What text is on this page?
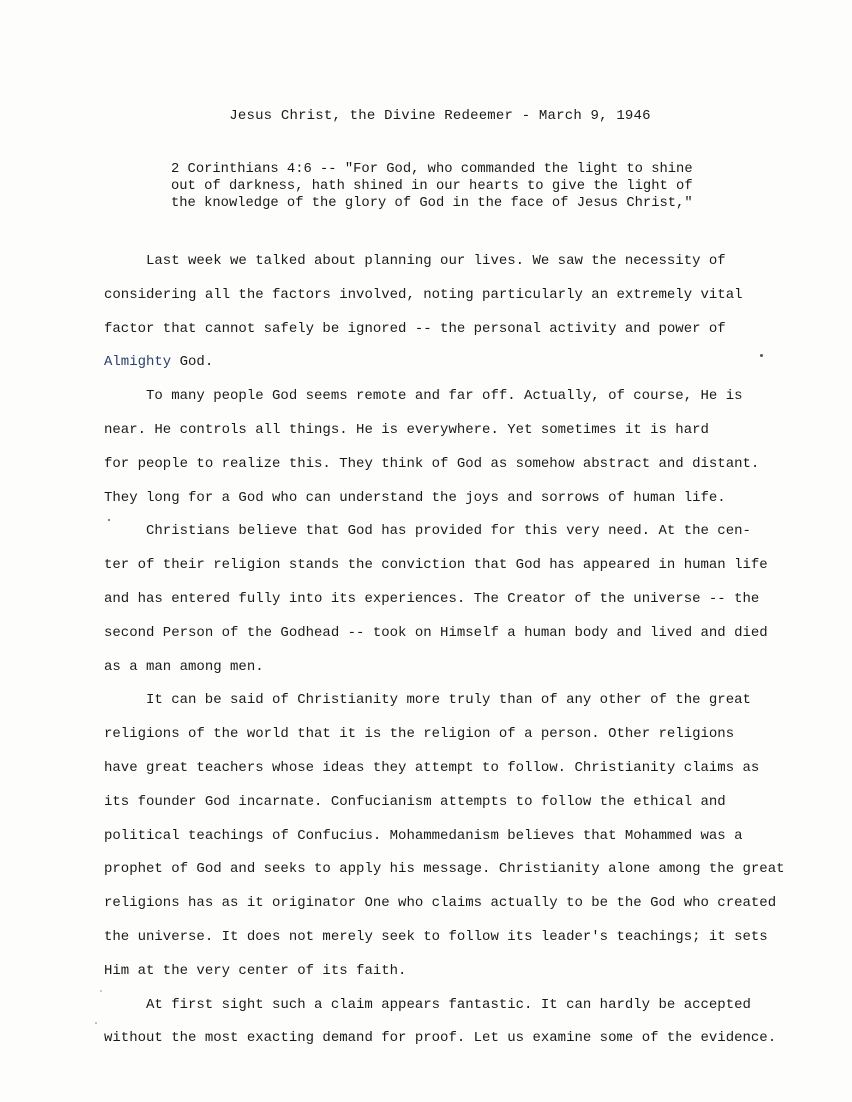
Jesus Christ, the Divine Redeemer - March 9, 1946
2 Corinthians 4:6 -- "For God, who commanded the light to shine
out of darkness, hath shined in our hearts to give the light of
the knowledge of the glory of God in the face of Jesus Christ,"
Last week we talked about planning our lives. We saw the necessity of
considering all the factors involved, noting particularly an extremely vital
factor that cannot safely be ignored -- the personal activity and power of
Almighty God.
To many people God seems remote and far off. Actually, of course, He is
near. He controls all things. He is everywhere. Yet sometimes it is hard
for people to realize this. They think of God as somehow abstract and distant.
They long for a God who can understand the joys and sorrows of human life.
Christians believe that God has provided for this very need. At the cen-
ter of their religion stands the conviction that God has appeared in human life
and has entered fully into its experiences. The Creator of the universe -- the
second Person of the Godhead -- took on Himself a human body and lived and died
as a man among men.
It can be said of Christianity more truly than of any other of the great
religions of the world that it is the religion of a person. Other religions
have great teachers whose ideas they attempt to follow. Christianity claims as
its founder God incarnate. Confucianism attempts to follow the ethical and
political teachings of Confucius. Mohammedanism believes that Mohammed was a
prophet of God and seeks to apply his message. Christianity alone among the great
religions has as it originator One who claims actually to be the God who created
the universe. It does not merely seek to follow its leader's teachings; it sets
Him at the very center of its faith.
At first sight such a claim appears fantastic. It can hardly be accepted
without the most exacting demand for proof. Let us examine some of the evidence.
